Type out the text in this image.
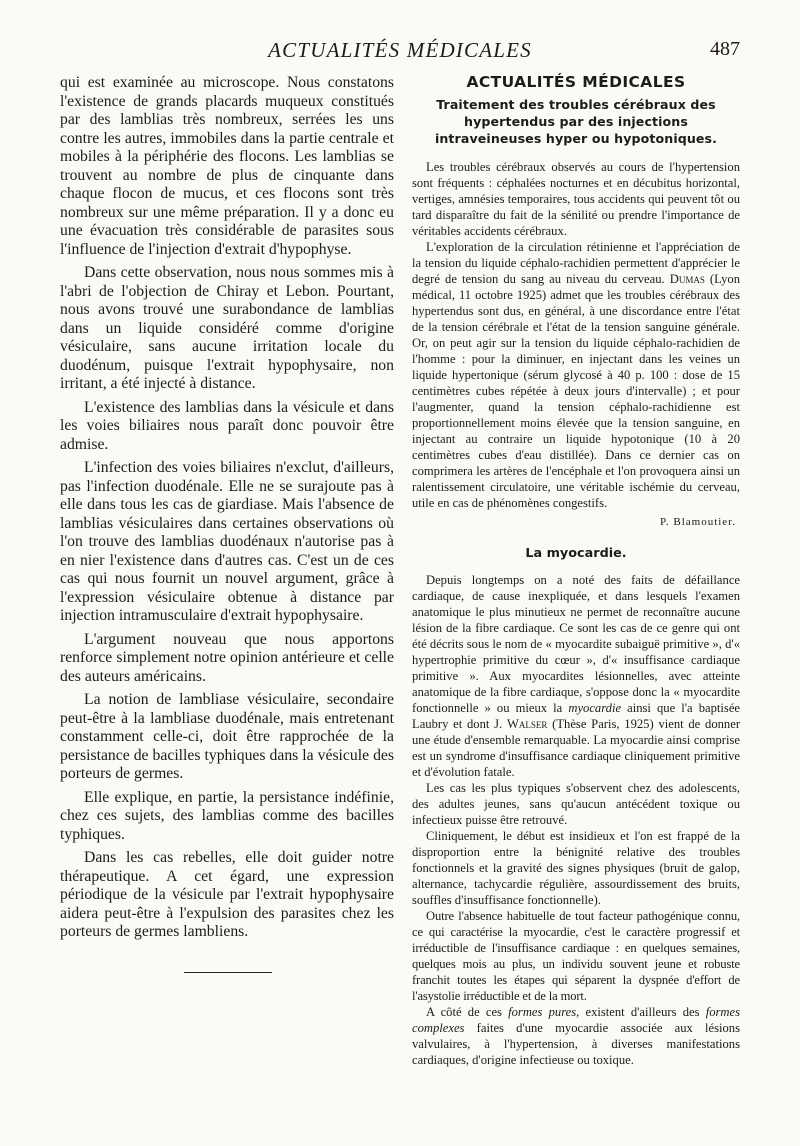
ACTUALITÉS MÉDICALES	487

qui est examinée au microscope. Nous constatons l'existence de grands placards muqueux constitués par des lamblias très nombreux, serrées les uns contre les autres, immobiles dans la partie centrale et mobiles à la périphérie des flocons. Les lamblias se trouvent au nombre de plus de cinquante dans chaque flocon de mucus, et ces flocons sont très nombreux sur une même préparation. Il y a donc eu une évacuation très considérable de parasites sous l'influence de l'injection d'extrait d'hypophyse.

Dans cette observation, nous nous sommes mis à l'abri de l'objection de Chiray et Lebon. Pourtant, nous avons trouvé une surabondance de lamblias dans un liquide considéré comme d'origine vésiculaire, sans aucune irritation locale du duodénum, puisque l'extrait hypophysaire, non irritant, a été injecté à distance.

L'existence des lamblias dans la vésicule et dans les voies biliaires nous paraît donc pouvoir être admise.

L'infection des voies biliaires n'exclut, d'ailleurs, pas l'infection duodénale. Elle ne se surajoute pas à elle dans tous les cas de giardiase. Mais l'absence de lamblias vésiculaires dans certaines observations où l'on trouve des lamblias duodénaux n'autorise pas à en nier l'existence dans d'autres cas. C'est un de ces cas qui nous fournit un nouvel argument, grâce à l'expression vésiculaire obtenue à distance par injection intramusculaire d'extrait hypophysaire.

L'argument nouveau que nous apportons renforce simplement notre opinion antérieure et celle des auteurs américains.

La notion de lambliase vésiculaire, secondaire peut-être à la lambliase duodénale, mais entretenant constamment celle-ci, doit être rapprochée de la persistance de bacilles typhiques dans la vésicule des porteurs de germes.

Elle explique, en partie, la persistance indéfinie, chez ces sujets, des lamblias comme des bacilles typhiques.

Dans les cas rebelles, elle doit guider notre thérapeutique. A cet égard, une expression périodique de la vésicule par l'extrait hypophysaire aidera peut-être à l'expulsion des parasites chez les porteurs de germes lambliens.

ACTUALITÉS MÉDICALES
Traitement des troubles cérébraux des hypertendus par des injections intraveineuses hyper ou hypotoniques.

Les troubles cérébraux observés au cours de l'hypertension sont fréquents : céphalées nocturnes et en décubitus horizontal, vertiges, amnésies temporaires, tous accidents qui peuvent tôt ou tard disparaître du fait de la sénilité ou prendre l'importance de véritables accidents cérébraux.

L'exploration de la circulation rétinienne et l'appréciation de la tension du liquide céphalo-rachidien permettent d'apprécier le degré de tension du sang au niveau du cerveau. Dumas (Lyon médical, 11 octobre 1925) admet que les troubles cérébraux des hypertendus sont dus, en général, à une discordance entre l'état de la tension cérébrale et l'état de la tension sanguine générale. Or, on peut agir sur la tension du liquide céphalo-rachidien de l'homme : pour la diminuer, en injectant dans les veines un liquide hypertonique (sérum glycosé à 40 p. 100 : dose de 15 centimètres cubes répétée à deux jours d'intervalle) ; et pour l'augmenter, quand la tension céphalo-rachidienne est proportionnellement moins élevée que la tension sanguine, en injectant au contraire un liquide hypotonique (10 à 20 centimètres cubes d'eau distillée). Dans ce dernier cas on comprimera les artères de l'encéphale et l'on provoquera ainsi un ralentissement circulatoire, une véritable ischémie du cerveau, utile en cas de phénomènes congestifs.

P. Blamoutier.
La myocardie.

Depuis longtemps on a noté des faits de défaillance cardiaque, de cause inexpliquée, et dans lesquels l'examen anatomique le plus minutieux ne permet de reconnaître aucune lésion de la fibre cardiaque. Ce sont les cas de ce genre qui ont été décrits sous le nom de « myocardite subaiguë primitive », d'« hypertrophie primitive du cœur », d'« insuffisance cardiaque primitive ». Aux myocardites lésionnelles, avec atteinte anatomique de la fibre cardiaque, s'oppose donc la « myocardite fonctionnelle » ou mieux la myocardie ainsi que l'a baptisée Laubry et dont J. Walser (Thèse Paris, 1925) vient de donner une étude d'ensemble remarquable. La myocardie ainsi comprise est un syndrome d'insuffisance cardiaque cliniquement primitive et d'évolution fatale.

Les cas les plus typiques s'observent chez des adolescents, des adultes jeunes, sans qu'aucun antécédent toxique ou infectieux puisse être retrouvé.

Cliniquement, le début est insidieux et l'on est frappé de la disproportion entre la bénignité relative des troubles fonctionnels et la gravité des signes physiques (bruit de galop, alternance, tachycardie régulière, assourdissement des bruits, souffles d'insuffisance fonctionnelle).

Outre l'absence habituelle de tout facteur pathogénique connu, ce qui caractérise la myocardie, c'est le caractère progressif et irréductible de l'insuffisance cardiaque : en quelques semaines, quelques mois au plus, un individu souvent jeune et robuste franchit toutes les étapes qui séparent la dyspnée d'effort de l'asystolie irréductible et de la mort.

A côté de ces formes pures, existent d'ailleurs des formes complexes faites d'une myocardie associée aux lésions valvulaires, à l'hypertension, à diverses manifestations cardiaques, d'origine infectieuse ou toxique.
